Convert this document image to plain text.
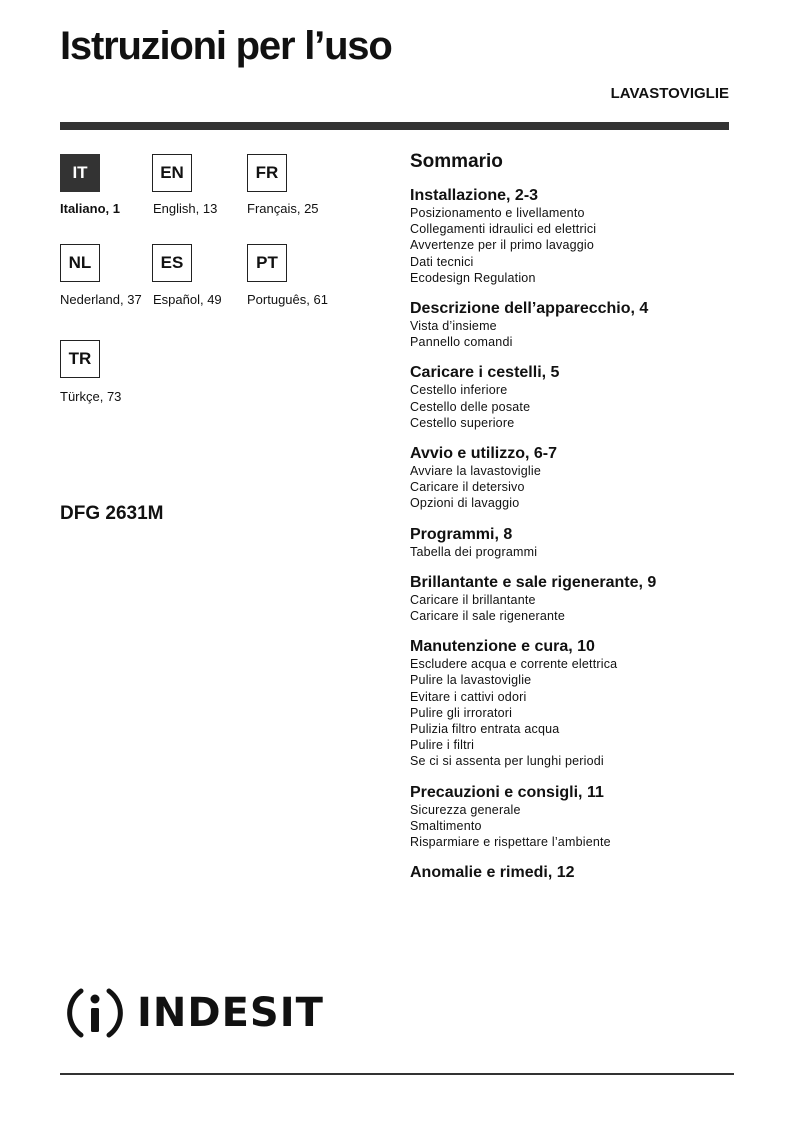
Istruzioni per l’uso
LAVASTOVIGLIE
IT
Italiano, 1
EN
English, 13
FR
Français, 25
NL
Nederland, 37
ES
Español, 49
PT
Português, 61
TR
Türkçe, 73
DFG 2631M
Sommario
Installazione, 2-3
Posizionamento e livellamento
Collegamenti idraulici ed elettrici
Avvertenze per il primo lavaggio
Dati tecnici
Ecodesign Regulation
Descrizione dell’apparecchio, 4
Vista d’insieme
Pannello comandi
Caricare i cestelli, 5
Cestello inferiore
Cestello delle posate
Cestello superiore
Avvio e utilizzo, 6-7
Avviare la lavastoviglie
Caricare il detersivo
Opzioni di lavaggio
Programmi, 8
Tabella dei programmi
Brillantante e sale rigenerante, 9
Caricare il brillantante
Caricare il sale rigenerante
Manutenzione e cura, 10
Escludere acqua e corrente elettrica
Pulire la lavastoviglie
Evitare i cattivi odori
Pulire gli irroratori
Pulizia filtro entrata acqua
Pulire i filtri
Se ci si assenta per lunghi periodi
Precauzioni e consigli, 11
Sicurezza generale
Smaltimento
Risparmiare e rispettare l’ambiente
Anomalie e rimedi, 12
INDESIT
